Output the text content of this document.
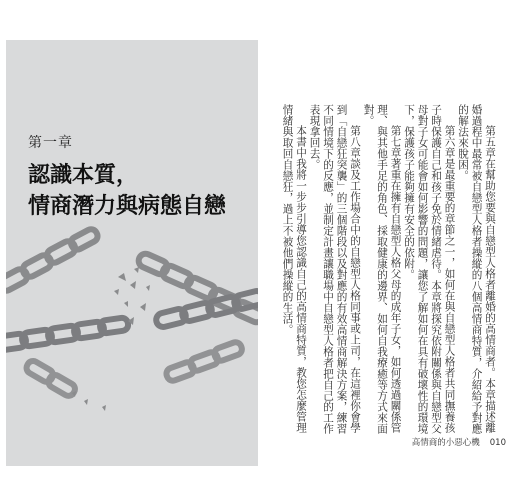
第一章
認識本質，
情商潛力與病態自戀	第五章在幫助您要與自戀型人格者離婚的高情商者。本章描述離婚過程中最常被自戀型人格者操縱的八個高情商特質，介紹給予對應的解法來脫困。

第六章是最重要的章節之一，如何在與自戀型人格者共同撫養孩子時保護自己和孩子免於情緒虐待。本章將探究依附關係與自戀型父母對子女可能會如何影響的問題，讓您了解如何在具有破壞性的環境下，保護孩子能夠擁有安全的依附。

第七章著重在擁有自戀型人格父母的成年子女，如何透過關係管理、與其他手足的角色、採取健康的邊界、如何自我療癒等方式來面對。

第八章談及工作場合中的自戀型人格同事或上司，在這裡你會學到「自戀狂突襲」的三個階段以及對應的有效高情商解決方案，練習不同情境下的反應，並制定計畫讓職場中自戀型人格者把自己的工作表現拿回去。

本書中我將一步步引導您認識自己的高情商特質，教您怎麼管理情緒與取回自戀狂，過上不被他們操縱的生活。

高情商的小惡心機 010
